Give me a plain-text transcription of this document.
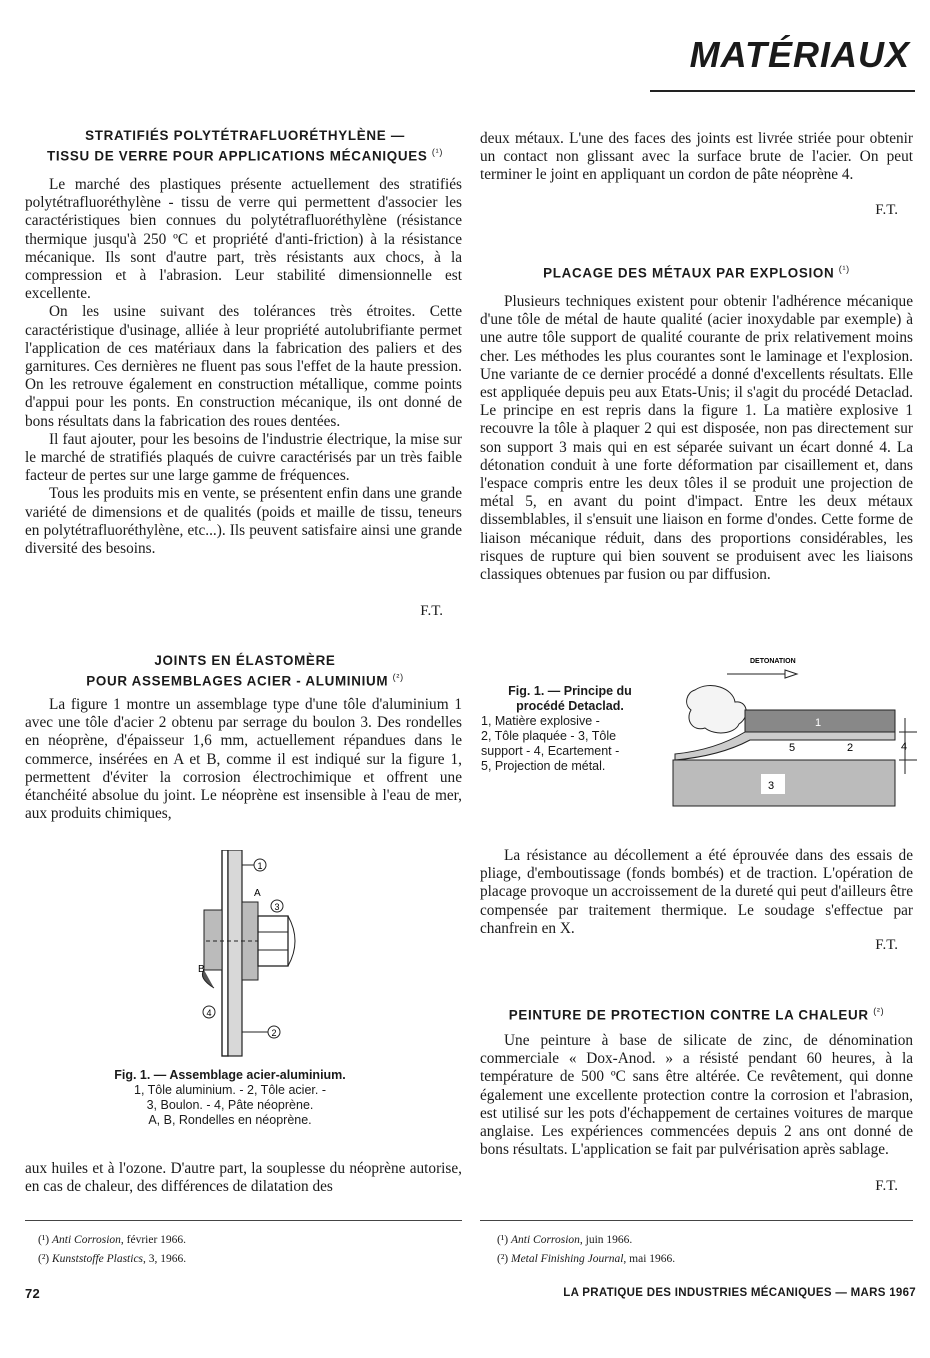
MATÉRIAUX
STRATIFIÉS POLYTÉTRAFLUORÉTHYLÈNE —
TISSU DE VERRE POUR APPLICATIONS MÉCANIQUES $^{(^1)}$

Le marché des plastiques présente actuellement des stratifiés polytétrafluoréthylène - tissu de verre qui permettent d'associer les caractéristiques bien connues du polytétrafluoréthylène (résistance thermique jusqu'à 250 ºC et propriété d'anti-friction) à la résistance mécanique. Ils sont d'autre part, très résistants aux chocs, à la compression et à l'abrasion. Leur stabilité dimensionnelle est excellente.

On les usine suivant des tolérances très étroites. Cette caractéristique d'usinage, alliée à leur propriété autolubrifiante permet l'application de ces matériaux dans la fabrication des paliers et des garnitures. Ces dernières ne fluent pas sous l'effet de la haute pression. On les retrouve également en construction métallique, comme points d'appui pour les ponts. En construction mécanique, ils ont donné de bons résultats dans la fabrication des roues dentées.

Il faut ajouter, pour les besoins de l'industrie électrique, la mise sur le marché de stratifiés plaqués de cuivre caractérisés par un très faible facteur de pertes sur une large gamme de fréquences.

Tous les produits mis en vente, se présentent enfin dans une grande variété de dimensions et de qualités (poids et maille de tissu, teneurs en polytétrafluoréthylène, etc...). Ils peuvent satisfaire ainsi une grande diversité des besoins.

F.T.
JOINTS EN ÉLASTOMÈRE
POUR ASSEMBLAGES ACIER - ALUMINIUM $^{(^2)}$

La figure 1 montre un assemblage type d'une tôle d'aluminium 1 avec une tôle d'acier 2 obtenu par serrage du boulon 3. Des rondelles en néoprène, d'épaisseur 1,6 mm, actuellement répandues dans le commerce, insérées en A et B, comme il est indiqué sur la figure 1, permettent d'éviter la corrosion électrochimique et offrent une étanchéité absolue du joint. Le néoprène est insensible à l'eau de mer, aux produits chimiques,

1
A
3
B
4
2
Fig. 1. — Assemblage acier-aluminium.
1, Tôle aluminium. - 2, Tôle acier. -
3, Boulon. - 4, Pâte néoprène.
A, B, Rondelles en néoprène.

aux huiles et à l'ozone. D'autre part, la souplesse du néoprène autorise, en cas de chaleur, des différences de dilatation des

(¹) Anti Corrosion, février 1966.
(²) Kunststoffe Plastics, 3, 1966.

deux métaux. L'une des faces des joints est livrée striée pour obtenir un contact non glissant avec la surface brute de l'acier. On peut terminer le joint en appliquant un cordon de pâte néoprène 4.

F.T.
PLACAGE DES MÉTAUX PAR EXPLOSION $^{(^1)}$

Plusieurs techniques existent pour obtenir l'adhérence mécanique d'une tôle de métal de haute qualité (acier inoxydable par exemple) à une autre tôle support de qualité courante de prix relativement moins cher. Les méthodes les plus courantes sont le laminage et l'explosion. Une variante de ce dernier procédé a donné d'excellents résultats. Elle est appliquée depuis peu aux Etats-Unis; il s'agit du procédé Detaclad. Le principe en est repris dans la figure 1. La matière explosive 1 recouvre la tôle à plaquer 2 qui est disposée, non pas directement sur son support 3 mais qui en est séparée suivant un écart donné 4. La détonation conduit à une forte déformation par cisaillement et, dans l'espace compris entre les deux tôles il se produit une projection de métal 5, en avant du point d'impact. Entre les deux métaux dissemblables, il s'ensuit une liaison en forme d'ondes. Cette forme de liaison mécanique réduit, dans des proportions considérables, les risques de rupture qui bien souvent se produisent avec les liaisons classiques obtenues par fusion ou par diffusion.

DETONATION
1
5	2
3
4
Fig. 1. — Principe du
procédé Detaclad.
1, Matière explosive -
2, Tôle plaquée - 3, Tôle
support - 4, Ecartement -
5, Projection de métal.

La résistance au décollement a été éprouvée dans des essais de pliage, d'emboutissage (fonds bombés) et de traction. L'opération de placage provoque un accroissement de la dureté qui peut d'ailleurs être compensée par traitement thermique. Le soudage s'effectue par chanfrein en X.

F.T.
PEINTURE DE PROTECTION CONTRE LA CHALEUR $^{(^2)}$

Une peinture à base de silicate de zinc, de dénomination commerciale « Dox-Anod. » a résisté pendant 60 heures, à la température de 500 ºC sans être altérée. Ce revêtement, qui donne également une excellente protection contre la corrosion et l'abrasion, est utilisé sur les pots d'échappement de certaines voitures de marque anglaise. Les expériences commencées depuis 2 ans ont donné de bons résultats. L'application se fait par pulvérisation après sablage.

F.T.
(¹) Anti Corrosion, juin 1966.
(²) Metal Finishing Journal, mai 1966.
72	LA PRATIQUE DES INDUSTRIES MÉCANIQUES — MARS 1967
